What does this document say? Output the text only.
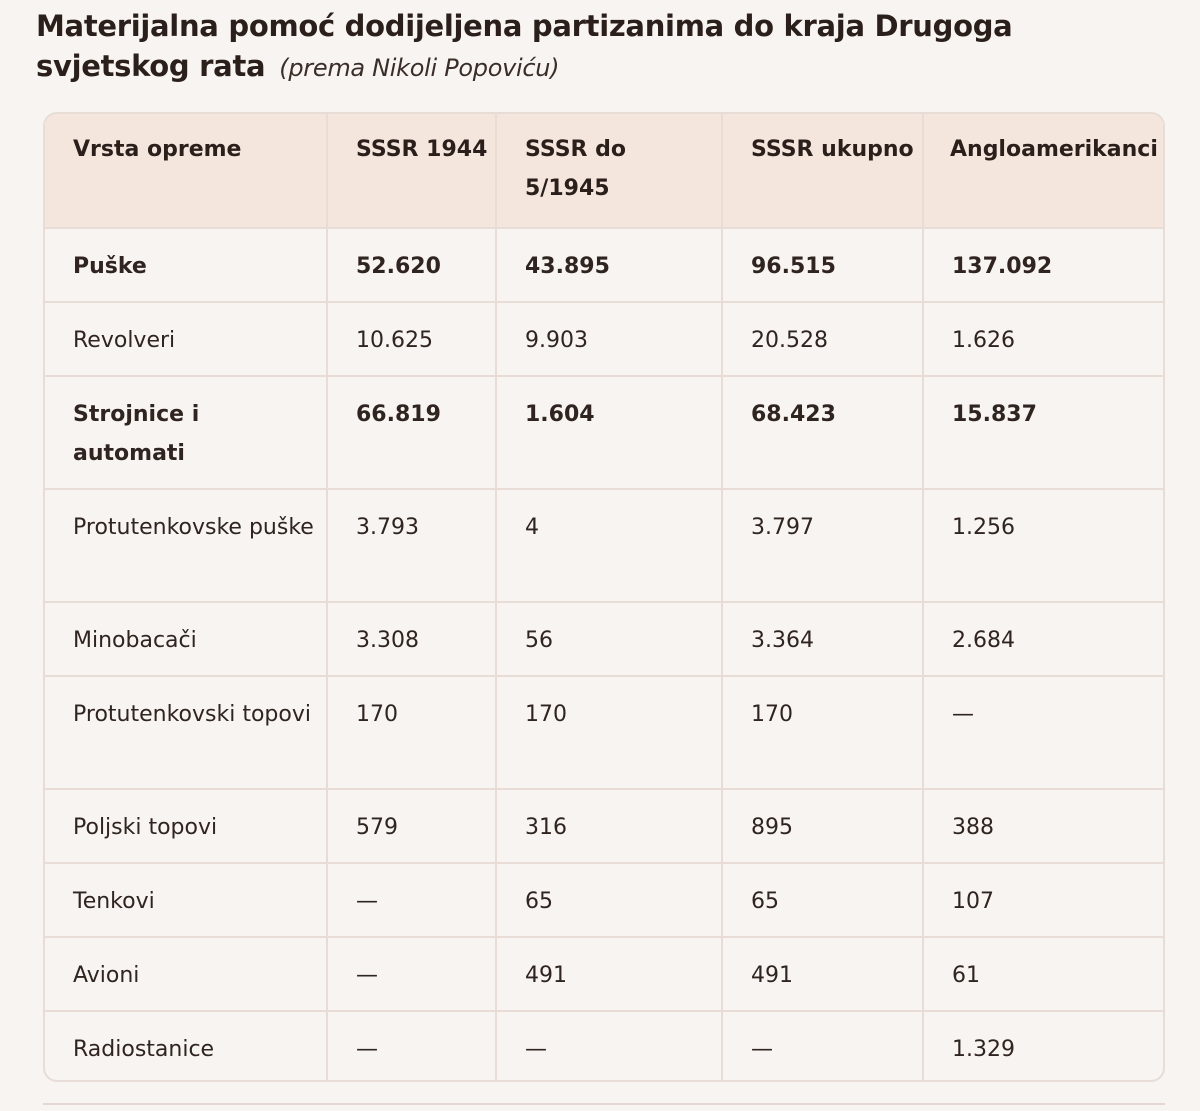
Materijalna pomoć dodijeljena partizanima do kraja Drugoga svjetskog rata (prema Nikoli Popoviću)
Vrsta opreme	SSSR 1944	SSSR do 5/1945	SSSR ukupno	Angloamerikanci
Puške	52.620	43.895	96.515	137.092
Revolveri	10.625	9.903	20.528	1.626
Strojnice i automati	66.819	1.604	68.423	15.837
Protutenkovske puške	3.793	4	3.797	1.256
Minobacači	3.308	56	3.364	2.684
Protutenkovski topovi	170	170	170	—
Poljski topovi	579	316	895	388
Tenkovi	—	65	65	107
Avioni	—	491	491	61
Radiostanice	—	—	—	1.329
